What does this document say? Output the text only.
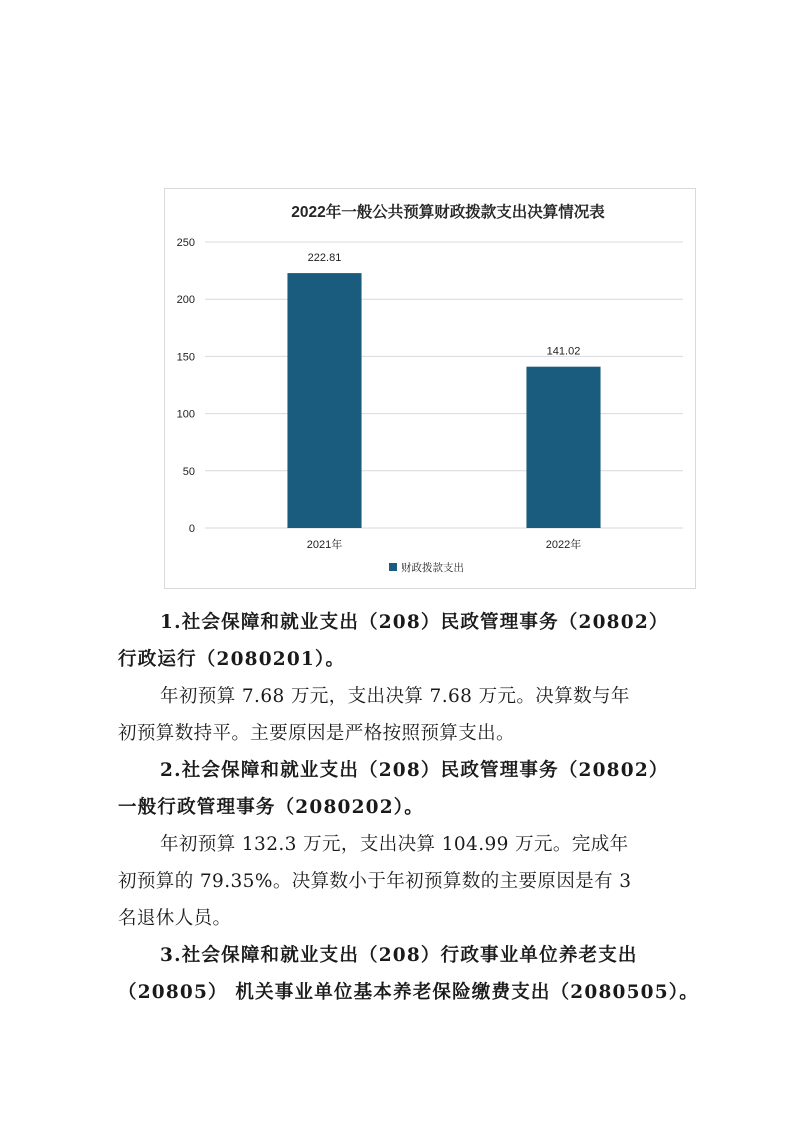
2022年一般公共预算财政拨款支出决算情况表
0
50
100
150
200
250
222.81
2021年
141.02
2022年
财政拨款支出

1.社会保障和就业支出（208）民政管理事务（20802）

行政运行（2080201）。

年初预算 7.68 万元，支出决算 7.68 万元。决算数与年

初预算数持平。主要原因是严格按照预算支出。

2.社会保障和就业支出（208）民政管理事务（20802）

一般行政管理事务（2080202）。

年初预算 132.3 万元，支出决算 104.99 万元。完成年

初预算的 79.35%。决算数小于年初预算数的主要原因是有 3

名退休人员。

3.社会保障和就业支出（208）行政事业单位养老支出

（20805） 机关事业单位基本养老保险缴费支出（2080505）。
